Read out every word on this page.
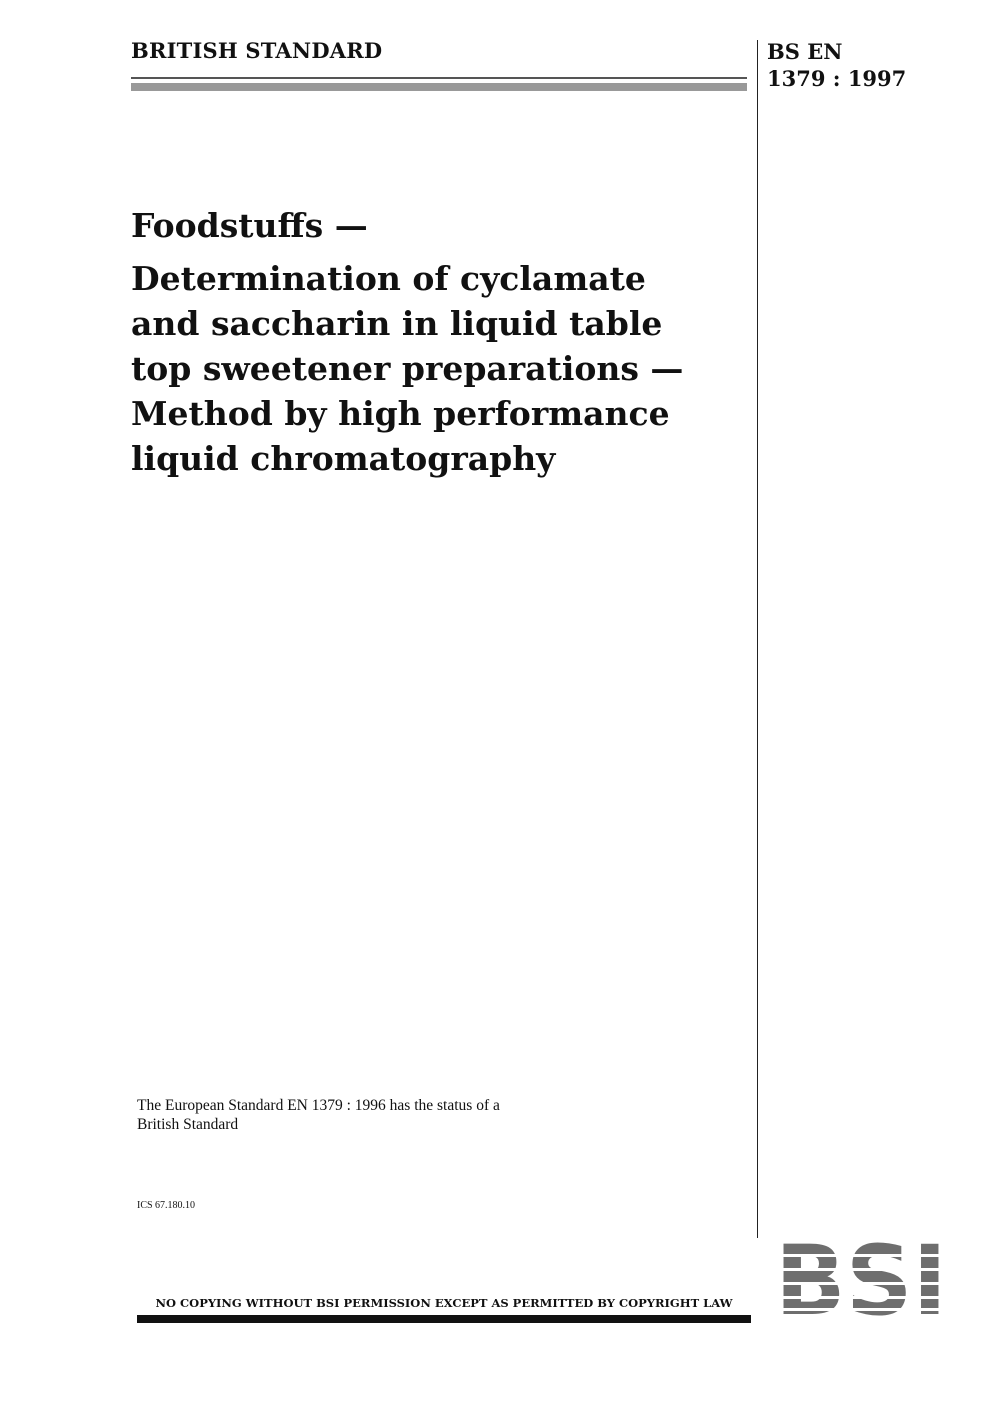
BRITISH STANDARD	BS EN
1379 : 1997
Foodstuffs —
Determination of cyclamate
and saccharin in liquid table
top sweetener preparations —
Method by high performance
liquid chromatography
The European Standard EN 1379 : 1996 has the status of a
British Standard
ICS 67.180.10
NO COPYING WITHOUT BSI PERMISSION EXCEPT AS PERMITTED BY COPYRIGHT LAW
